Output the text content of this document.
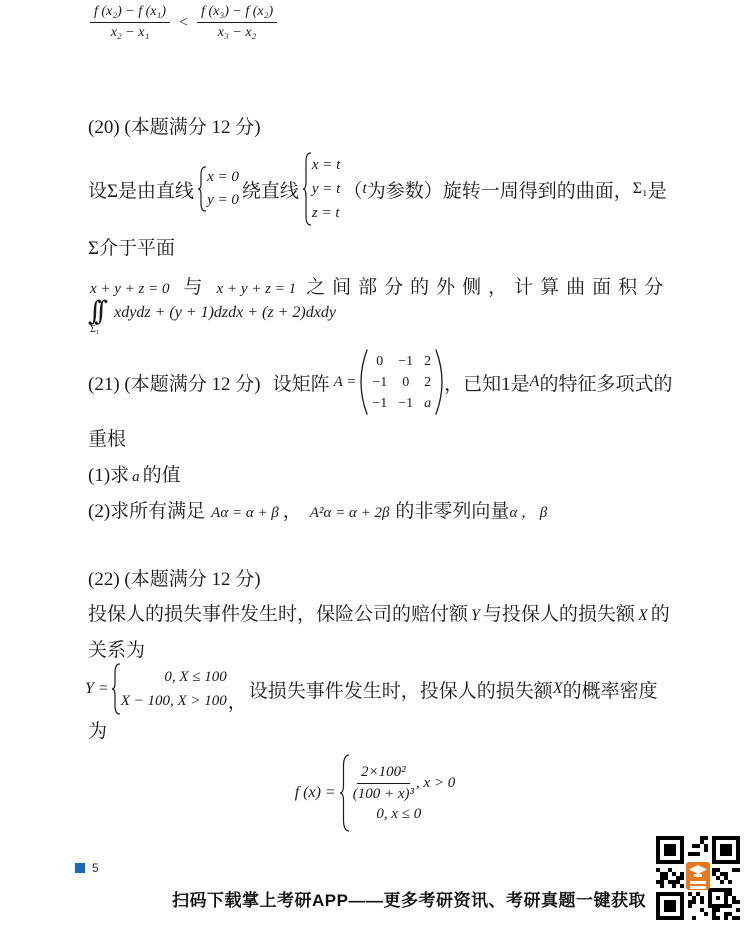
$\frac{\text{f (x₂) − f (x₁)}}{\text{x₂ − x₁}} < \frac{\text{f (x₃) − f (x₂)}}{\text{x₃ − x₂}}$
(20) (本题满分 12 分)
设Σ是由直线
x = 0
y = 0 绕直线
x = t
y = t
z = t
（ t 为参数）旋转一周得到的曲面， Σ₁ 是
Σ介于平面
x + y + z = 0 与 x + y + z = 1 之间部分的外侧，计算曲面积分
∫∫
Σ₁
xdydz + (y + 1)dzdx + (z + 2)dxdy
(21) (本题满分 12 分) 设矩阵 A =
0 −1 2
−1 0 2
−1 −1 a
，已知1是 A 的特征多项式的
重根
(1)求 a 的值
(2)求所有满足 Aα = α + β ， A²α = α + 2β 的非零列向量 α ， β
(22) (本题满分 12 分)
投保人的损失事件发生时，保险公司的赔付额 Y 与投保人的损失额 X 的
关系为
Y =
0, X ≤ 100
X − 100, X > 100 ，
设损失事件发生时，投保人的损失额 X 的概率密度
为
f $(x) = \frac{\text{2×100²}}{\text{(100 + x)³}}$ , x > 0
0, x ≤ 0
5
扫码下载掌上考研APP——更多考研资讯、考研真题一键获取
